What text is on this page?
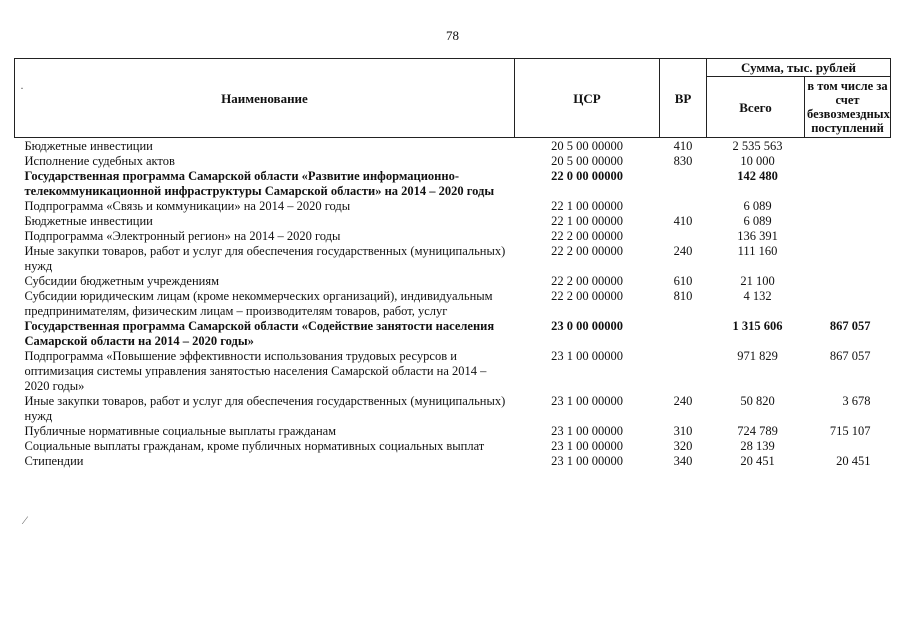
78
·
⁄
Наименование	ЦСР	ВР	Сумма, тыс. рублей	
			Всего	в том числе за счет безвозмездных поступлений
Бюджетные инвестиции	20 5 00 00000	410	2 535 563	
Исполнение судебных актов	20 5 00 00000	830	10 000	
Государственная программа Самарской области «Развитие информационно-телекоммуникационной инфраструктуры Самарской области» на 2014 – 2020 годы	22 0 00 00000		142 480	
Подпрограмма «Связь и коммуникации» на 2014 – 2020 годы	22 1 00 00000		6 089	
Бюджетные инвестиции	22 1 00 00000	410	6 089	
Подпрограмма «Электронный регион» на 2014 – 2020 годы	22 2 00 00000		136 391	
Иные закупки товаров, работ и услуг для обеспечения государственных (муниципальных) нужд	22 2 00 00000	240	111 160	
Субсидии бюджетным учреждениям	22 2 00 00000	610	21 100	
Субсидии юридическим лицам (кроме некоммерческих организаций), индивидуальным предпринимателям, физическим лицам – производителям товаров, работ, услуг	22 2 00 00000	810	4 132	
Государственная программа Самарской области «Содействие занятости населения Самарской области на 2014 – 2020 годы»	23 0 00 00000		1 315 606	867 057
Подпрограмма «Повышение эффективности использования трудовых ресурсов и оптимизация системы управления занятостью населения Самарской области на 2014 – 2020 годы»	23 1 00 00000		971 829	867 057
Иные закупки товаров, работ и услуг для обеспечения государственных (муниципальных) нужд	23 1 00 00000	240	50 820	3 678
Публичные нормативные социальные выплаты гражданам	23 1 00 00000	310	724 789	715 107
Социальные выплаты гражданам, кроме публичных нормативных социальных выплат	23 1 00 00000	320	28 139	
Стипендии	23 1 00 00000	340	20 451	20 451
